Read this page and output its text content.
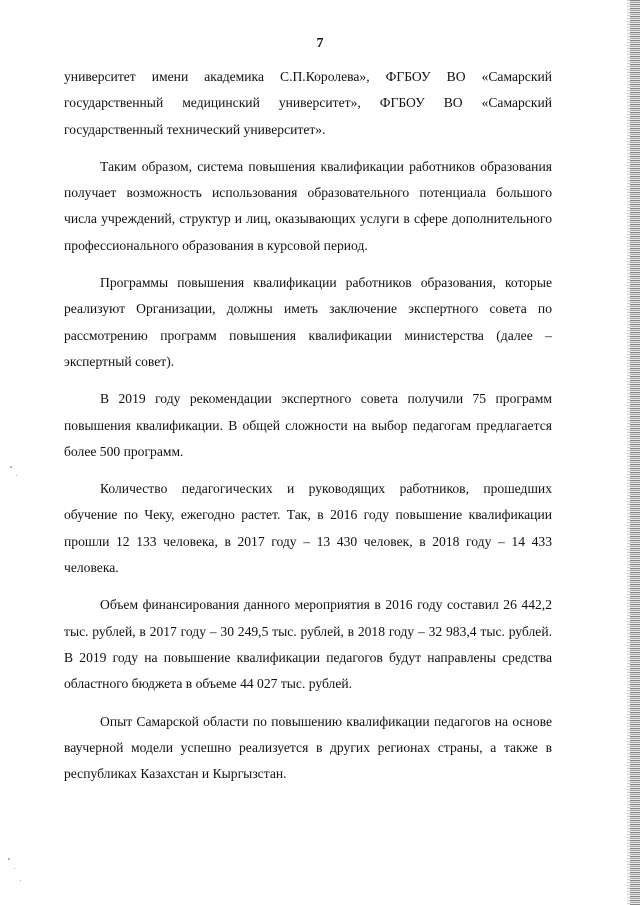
7

университет имени академика С.П.Королева», ФГБОУ ВО «Самарский государственный медицинский университет», ФГБОУ ВО «Самарский государственный технический университет».

Таким образом, система повышения квалификации работников образования получает возможность использования образовательного потенциала большого числа учреждений, структур и лиц, оказывающих услуги в сфере дополнительного профессионального образования в курсовой период.

Программы повышения квалификации работников образования, которые реализуют Организации, должны иметь заключение экспертного совета по рассмотрению программ повышения квалификации министерства (далее – экспертный совет).

В 2019 году рекомендации экспертного совета получили 75 программ повышения квалификации. В общей сложности на выбор педагогам предлагается более 500 программ.

Количество педагогических и руководящих работников, прошедших обучение по Чеку, ежегодно растет. Так, в 2016 году повышение квалификации прошли 12 133 человека, в 2017 году – 13 430 человек, в 2018 году – 14 433 человека.

Объем финансирования данного мероприятия в 2016 году составил 26 442,2 тыс. рублей, в 2017 году – 30 249,5 тыс. рублей, в 2018 году – 32 983,4 тыс. рублей. В 2019 году на повышение квалификации педагогов будут направлены средства областного бюджета в объеме 44 027 тыс. рублей.

Опыт Самарской области по повышению квалификации педагогов на основе ваучерной модели успешно реализуется в других регионах страны, а также в республиках Казахстан и Кыргызстан.
